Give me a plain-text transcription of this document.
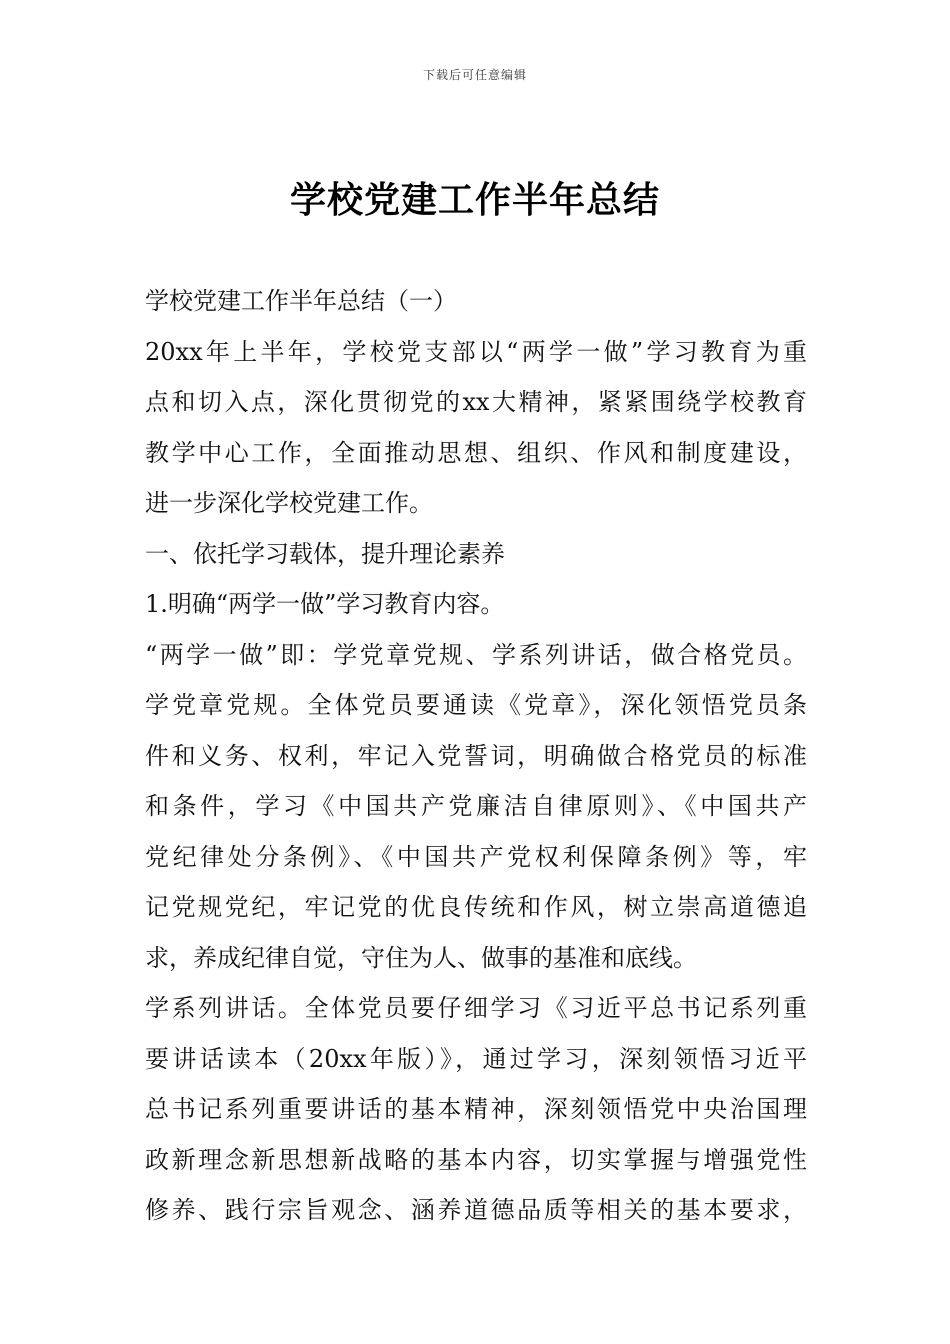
下载后可任意编辑
学校党建工作半年总结

学校党建工作半年总结（一）

20xx年上半年，学校党支部以“两学一做”学习教育为重

点和切入点，深化贯彻党的xx大精神，紧紧围绕学校教育

教学中心工作，全面推动思想、组织、作风和制度建设，

进一步深化学校党建工作。

一、依托学习载体，提升理论素养

1.明确“两学一做”学习教育内容。

“两学一做”即：学党章党规、学系列讲话，做合格党员。

学党章党规。全体党员要通读《党章》，深化领悟党员条

件和义务、权利，牢记入党誓词，明确做合格党员的标准

和条件，学习《中国共产党廉洁自律原则》、《中国共产

党纪律处分条例》、《中国共产党权利保障条例》等，牢

记党规党纪，牢记党的优良传统和作风，树立崇高道德追

求，养成纪律自觉，守住为人、做事的基准和底线。

学系列讲话。全体党员要仔细学习《习近平总书记系列重

要讲话读本（20xx年版）》，通过学习，深刻领悟习近平

总书记系列重要讲话的基本精神，深刻领悟党中央治国理

政新理念新思想新战略的基本内容，切实掌握与增强党性

修养、践行宗旨观念、涵养道德品质等相关的基本要求，
